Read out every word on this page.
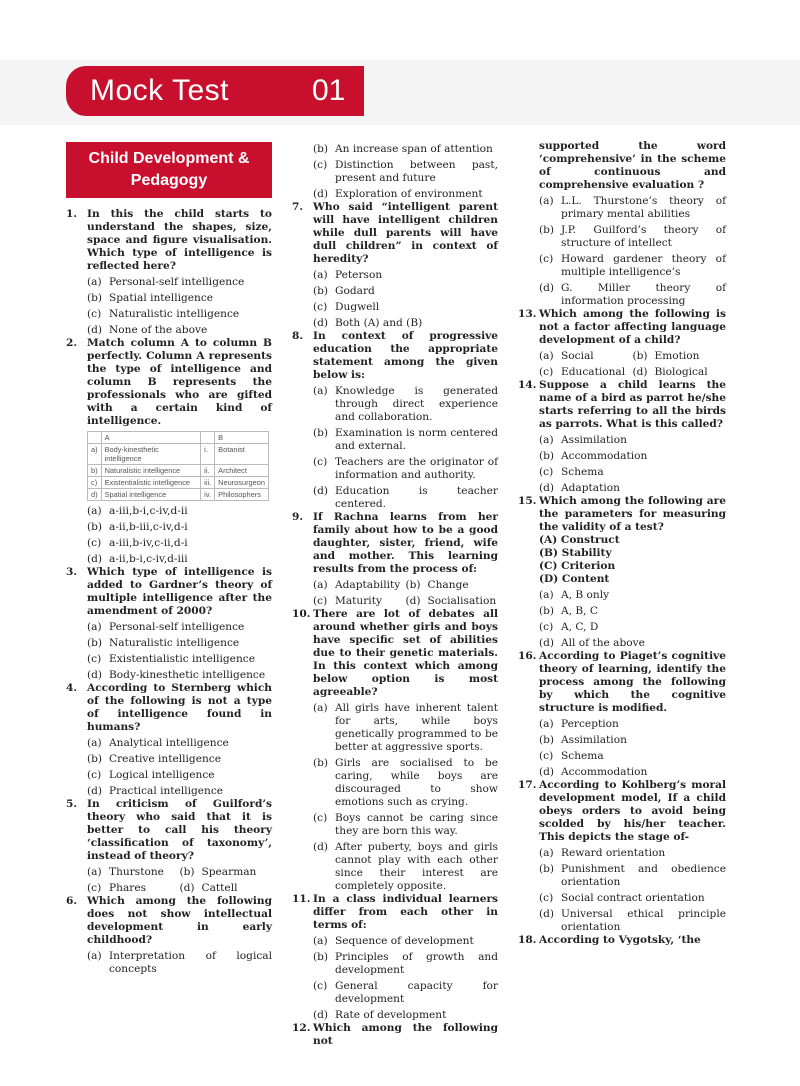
Mock Test	01
Child Development & Pedagogy
1. In this the child starts to understand the shapes, size, space and figure visualisation. Which type of intelligence is reflected here?
(a) Personal-self intelligence
(b) Spatial intelligence
(c) Naturalistic intelligence
(d) None of the above
2. Match column A to column B perfectly. Column A represents the type of intelligence and column B represents the professionals who are gifted with a certain kind of intelligence.
	A		B
a)	Body-kinesthetic intelligence	i.	Botanist
b)	Naturalistic intelligence	ii.	Architect
c)	Existentialistic intelligence	iii.	Neurosurgeon
d)	Spatial intelligence	iv.	Philosophers
(a) a-iii,b-i,c-iv,d-ii
(b) a-ii,b-iii,c-iv,d-i
(c) a-iii,b-iv,c-ii,d-i
(d) a-ii,b-i,c-iv,d-iii
3. Which type of intelligence is added to Gardner’s theory of multiple intelligence after the amendment of 2000?
(a) Personal-self intelligence
(b) Naturalistic intelligence
(c) Existentialistic intelligence
(d) Body-kinesthetic intelligence
4. According to Sternberg which of the following is not a type of intelligence found in humans?
(a) Analytical intelligence
(b) Creative intelligence
(c) Logical intelligence
(d) Practical intelligence
5. In criticism of Guilford’s theory who said that it is better to call his theory ‘classification of taxonomy’, instead of theory?
(a) Thurstone	(b) Spearman
(c) Phares	(d) Cattell
6. Which among the following does not show intellectual development in early childhood?
(a) Interpretation of logical concepts
(b) An increase span of attention
(c) Distinction between past, present and future
(d) Exploration of environment
7. Who said “intelligent parent will have intelligent children while dull parents will have dull children” in context of heredity?
(a) Peterson
(b) Godard
(c) Dugwell
(d) Both (A) and (B)
8. In context of progressive education the appropriate statement among the given below is:
(a) Knowledge is generated through direct experience and collaboration.
(b) Examination is norm centered and external.
(c) Teachers are the originator of information and authority.
(d) Education is teacher centered.
9. If Rachna learns from her family about how to be a good daughter, sister, friend, wife and mother. This learning results from the process of:
(a) Adaptability (b) Change
(c) Maturity	(d) Socialisation
10. There are lot of debates all around whether girls and boys have specific set of abilities due to their genetic materials. In this context which among below option is most agreeable?
(a) All girls have inherent talent for arts, while boys genetically programmed to be better at aggressive sports.
(b) Girls are socialised to be caring, while boys are discouraged to show emotions such as crying.
(c) Boys cannot be caring since they are born this way.
(d) After puberty, boys and girls cannot play with each other since their interest are completely opposite.
11. In a class individual learners differ from each other in terms of:
(a) Sequence of development
(b) Principles of growth and development
(c) General capacity for development
(d) Rate of development
12. Which among the following not
supported the word
‘comprehensive’ in the scheme of continuous and comprehensive evaluation ?
(a) L.L. Thurstone’s theory of primary mental abilities
(b) J.P. Guilford’s theory of structure of intellect
(c) Howard gardener theory of multiple intelligence’s
(d) G. Miller theory of information processing
13. Which among the following is not a factor affecting language development of a child?
(a) Social	(b) Emotion
(c) Educational (d) Biological
14. Suppose a child learns the name of a bird as parrot he/she starts referring to all the birds as parrots. What is this called?
(a) Assimilation
(b) Accommodation
(c) Schema
(d) Adaptation
15. Which among the following are the parameters for measuring the validity of a test?
(A) Construct
(B) Stability
(C) Criterion
(D) Content
(a) A, B only
(b) A, B, C
(c) A, C, D
(d) All of the above
16. According to Piaget’s cognitive theory of learning, identify the process among the following by which the cognitive structure is modified.
(a) Perception
(b) Assimilation
(c) Schema
(d) Accommodation
17. According to Kohlberg’s moral development model, If a child obeys orders to avoid being scolded by his/her teacher. This depicts the stage of-
(a) Reward orientation
(b) Punishment and obedience orientation
(c) Social contract orientation
(d) Universal ethical principle orientation
18. According to Vygotsky, ‘the
